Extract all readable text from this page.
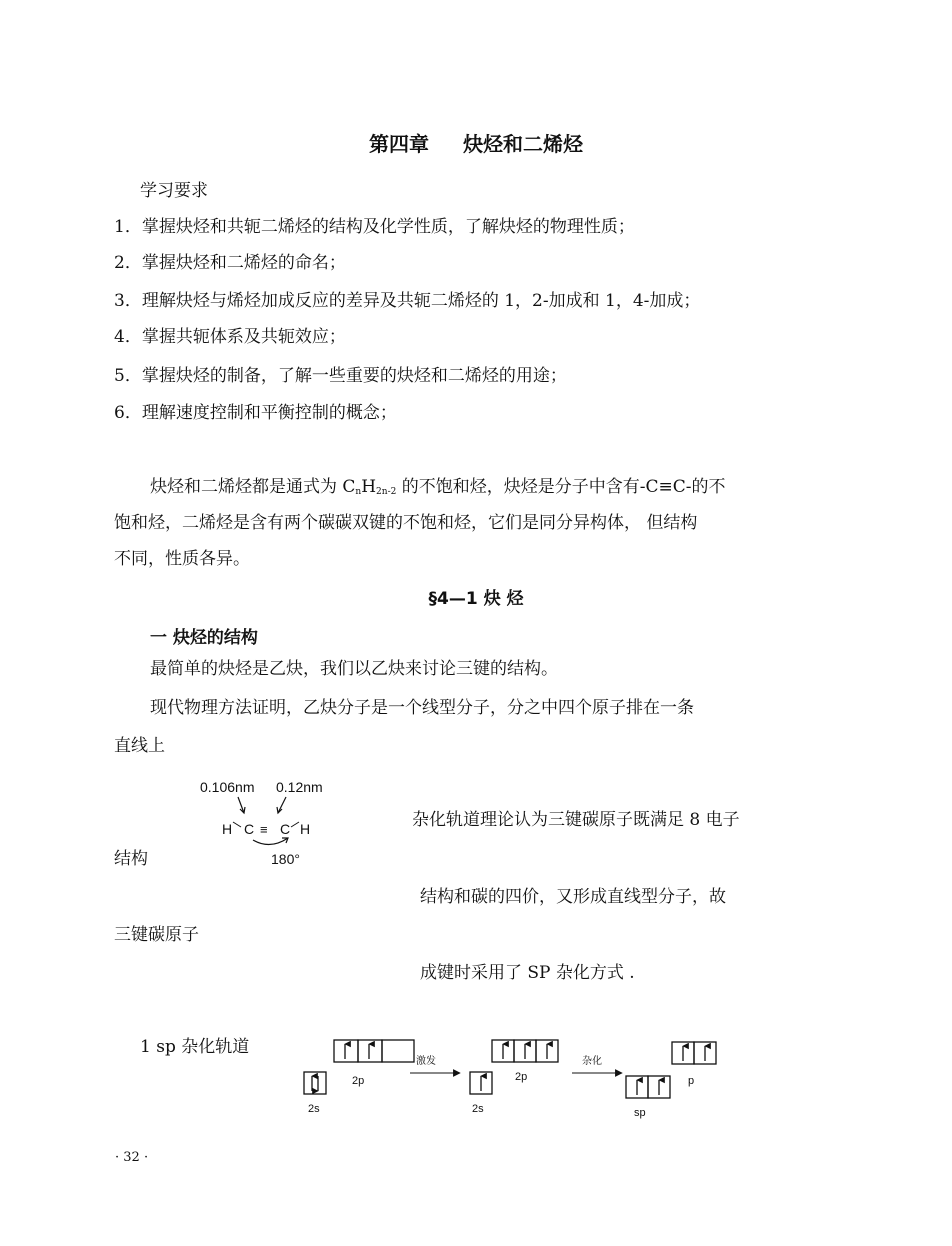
第四章 炔烃和二烯烃
学习要求
1．掌握炔烃和共轭二烯烃的结构及化学性质，了解炔烃的物理性质；
2．掌握炔烃和二烯烃的命名；
3．理解炔烃与烯烃加成反应的差异及共轭二烯烃的 1，2-加成和 1，4-加成；
4．掌握共轭体系及共轭效应；
5．掌握炔烃的制备，了解一些重要的炔烃和二烯烃的用途；
6．理解速度控制和平衡控制的概念；
炔烃和二烯烃都是通式为 $C_nH_{2n-2}$ 的不饱和烃，炔烃是分子中含有-C≡C-的不
饱和烃，二烯烃是含有两个碳碳双键的不饱和烃，它们是同分异构体， 但结构
不同，性质各异。
§4—1 炔 烃
一 炔烃的结构
最简单的炔烃是乙炔，我们以乙炔来讨论三键的结构。
现代物理方法证明，乙炔分子是一个线型分子，分之中四个原子排在一条
直线上
0.106nm 0.12nm
H C ≡ C H
180°
杂化轨道理论认为三键碳原子既满足 8 电子
结构
结构和碳的四价，又形成直线型分子，故
三键碳原子
成键时采用了 SP 杂化方式 .
1 sp 杂化轨道
2p
2s
激发
2p
2s
杂化
p
sp
· 32 ·
